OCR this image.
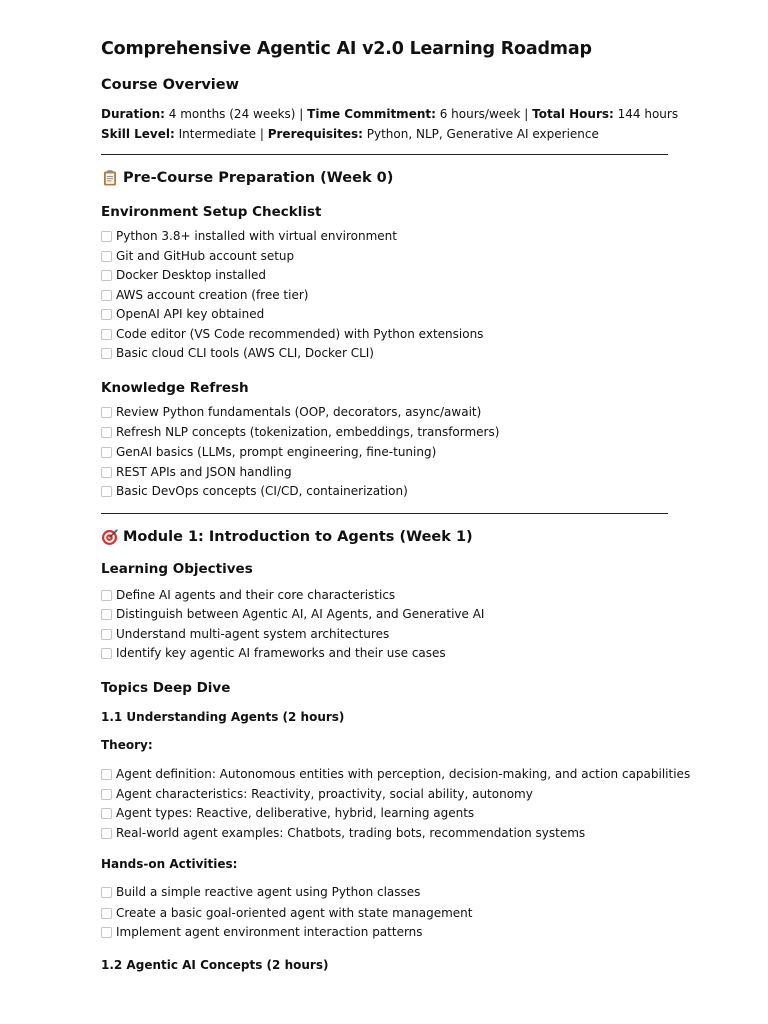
Comprehensive Agentic AI v2.0 Learning Roadmap
Course Overview
Duration: 4 months (24 weeks) | Time Commitment: 6 hours/week | Total Hours: 144 hours Skill Level: Intermediate | Prerequisites: Python, NLP, Generative AI experience
Pre-Course Preparation (Week 0)
Environment Setup Checklist
Python 3.8+ installed with virtual environment
Git and GitHub account setup
Docker Desktop installed
AWS account creation (free tier)
OpenAI API key obtained
Code editor (VS Code recommended) with Python extensions
Basic cloud CLI tools (AWS CLI, Docker CLI)
Knowledge Refresh
Review Python fundamentals (OOP, decorators, async/await)
Refresh NLP concepts (tokenization, embeddings, transformers)
GenAI basics (LLMs, prompt engineering, fine-tuning)
REST APIs and JSON handling
Basic DevOps concepts (CI/CD, containerization)
Module 1: Introduction to Agents (Week 1)
Learning Objectives
Define AI agents and their core characteristics
Distinguish between Agentic AI, AI Agents, and Generative AI
Understand multi-agent system architectures
Identify key agentic AI frameworks and their use cases
Topics Deep Dive
1.1 Understanding Agents (2 hours)
Theory:
Agent definition: Autonomous entities with perception, decision-making, and action capabilities
Agent characteristics: Reactivity, proactivity, social ability, autonomy
Agent types: Reactive, deliberative, hybrid, learning agents
Real-world agent examples: Chatbots, trading bots, recommendation systems
Hands-on Activities:
Build a simple reactive agent using Python classes
Create a basic goal-oriented agent with state management
Implement agent environment interaction patterns
1.2 Agentic AI Concepts (2 hours)
